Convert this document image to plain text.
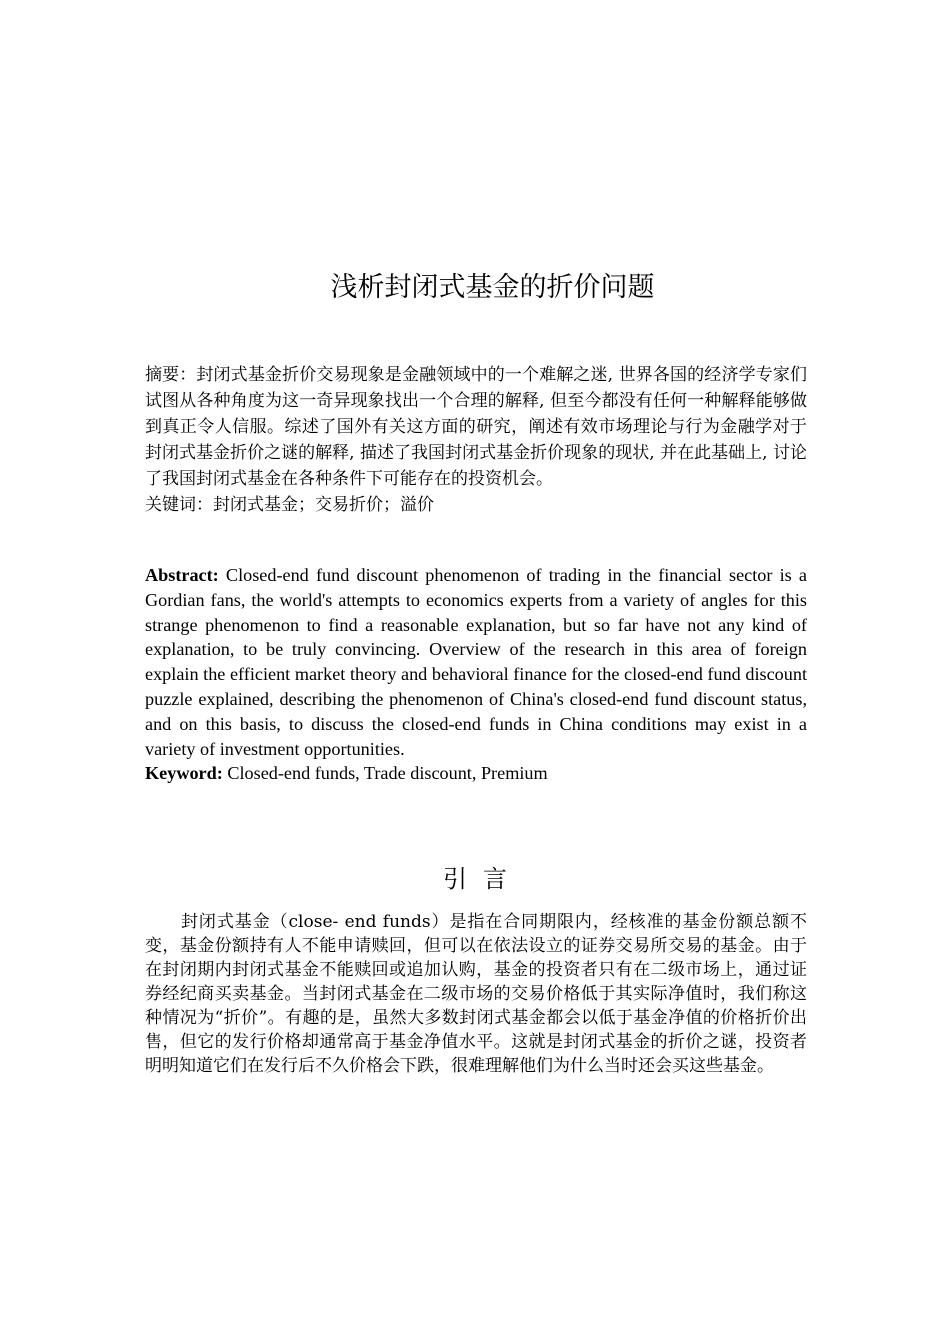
浅析封闭式基金的折价问题

摘要：封闭式基金折价交易现象是金融领域中的一个难解之迷, 世界各国的经济学专家们试图从各种角度为这一奇异现象找出一个合理的解释, 但至今都没有任何一种解释能够做到真正令人信服。综述了国外有关这方面的研究，阐述有效市场理论与行为金融学对于封闭式基金折价之谜的解释, 描述了我国封闭式基金折价现象的现状, 并在此基础上, 讨论了我国封闭式基金在各种条件下可能存在的投资机会。

关键词：封闭式基金；交易折价；溢价

Abstract: Closed-end fund discount phenomenon of trading in the financial sector is a Gordian fans, the world's attempts to economics experts from a variety of angles for this strange phenomenon to find a reasonable explanation, but so far have not any kind of explanation, to be truly convincing. Overview of the research in this area of foreign explain the efficient market theory and behavioral finance for the closed-end fund discount puzzle explained, describing the phenomenon of China's closed-end fund discount status, and on this basis, to discuss the closed-end funds in China conditions may exist in a variety of investment opportunities.

Keyword: Closed-end funds, Trade discount, Premium

引言

封闭式基金（close- end funds）是指在合同期限内，经核准的基金份额总额不变，基金份额持有人不能申请赎回，但可以在依法设立的证券交易所交易的基金。由于在封闭期内封闭式基金不能赎回或追加认购，基金的投资者只有在二级市场上，通过证券经纪商买卖基金。当封闭式基金在二级市场的交易价格低于其实际净值时，我们称这种情况为“折价”。有趣的是，虽然大多数封闭式基金都会以低于基金净值的价格折价出售，但它的发行价格却通常高于基金净值水平。这就是封闭式基金的折价之谜，投资者明明知道它们在发行后不久价格会下跌，很难理解他们为什么当时还会买这些基金。
